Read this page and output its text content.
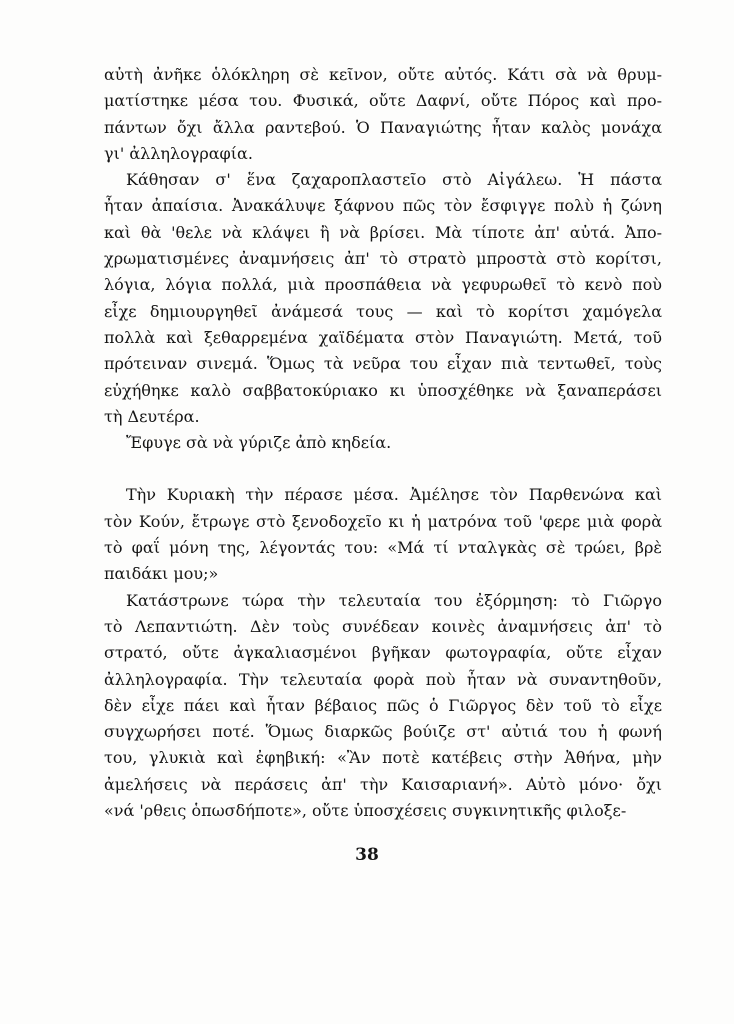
αὐτὴ ἀνῆκε ὁλόκληρη σὲ κεῖνον, οὔτε αὐτός. Κάτι σὰ νὰ θρυμ-
ματίστηκε μέσα του. Φυσικά, οὔτε Δαφνί, οὔτε Πόρος καὶ προ-
πάντων ὄχι ἄλλα ραντεβού. Ὁ Παναγιώτης ἦταν καλὸς μονάχα
γι' ἀλληλογραφία.
Κάθησαν σ' ἕνα ζαχαροπλαστεῖο στὸ Αἰγάλεω. Ἡ πάστα
ἦταν ἀπαίσια. Ἀνακάλυψε ξάφνου πῶς τὸν ἔσφιγγε πολὺ ἡ ζώνη
καὶ θὰ 'θελε νὰ κλάψει ἢ νὰ βρίσει. Μὰ τίποτε ἀπ' αὐτά. Ἀπο-
χρωματισμένες ἀναμνήσεις ἀπ' τὸ στρατὸ μπροστὰ στὸ κορίτσι,
λόγια, λόγια πολλά, μιὰ προσπάθεια νὰ γεφυρωθεῖ τὸ κενὸ ποὺ
εἶχε δημιουργηθεῖ ἀνάμεσά τους — καὶ τὸ κορίτσι χαμόγελα
πολλὰ καὶ ξεθαρρεμένα χαϊδέματα στὸν Παναγιώτη. Μετά, τοῦ
πρότειναν σινεμά. Ὅμως τὰ νεῦρα του εἶχαν πιὰ τεντωθεῖ, τοὺς
εὐχήθηκε καλὸ σαββατοκύριακο κι ὑποσχέθηκε νὰ ξαναπεράσει
τὴ Δευτέρα.
Ἔφυγε σὰ νὰ γύριζε ἀπὸ κηδεία.
Τὴν Κυριακὴ τὴν πέρασε μέσα. Ἀμέλησε τὸν Παρθενώνα καὶ
τὸν Κούν, ἔτρωγε στὸ ξενοδοχεῖο κι ἡ ματρόνα τοῦ 'φερε μιὰ φορὰ
τὸ φαΐ μόνη της, λέγοντάς του: «Μά τί νταλγκὰς σὲ τρώει, βρὲ
παιδάκι μου;»
Κατάστρωνε τώρα τὴν τελευταία του ἐξόρμηση: τὸ Γιῶργο
τὸ Λεπαντιώτη. Δὲν τοὺς συνέδεαν κοινὲς ἀναμνήσεις ἀπ' τὸ
στρατό, οὔτε ἀγκαλιασμένοι βγῆκαν φωτογραφία, οὔτε εἶχαν
ἀλληλογραφία. Τὴν τελευταία φορὰ ποὺ ἦταν νὰ συναντηθοῦν,
δὲν εἶχε πάει καὶ ἦταν βέβαιος πῶς ὁ Γιῶργος δὲν τοῦ τὸ εἶχε
συγχωρήσει ποτέ. Ὅμως διαρκῶς βούιζε στ' αὐτιά του ἡ φωνή
του, γλυκιὰ καὶ ἐφηβική: «Ἂν ποτὲ κατέβεις στὴν Ἀθήνα, μὴν
ἀμελήσεις νὰ περάσεις ἀπ' τὴν Καισαριανή». Αὐτὸ μόνο· ὄχι
«νά 'ρθεις ὁπωσδήποτε», οὔτε ὑποσχέσεις συγκινητικῆς φιλοξε-
38
